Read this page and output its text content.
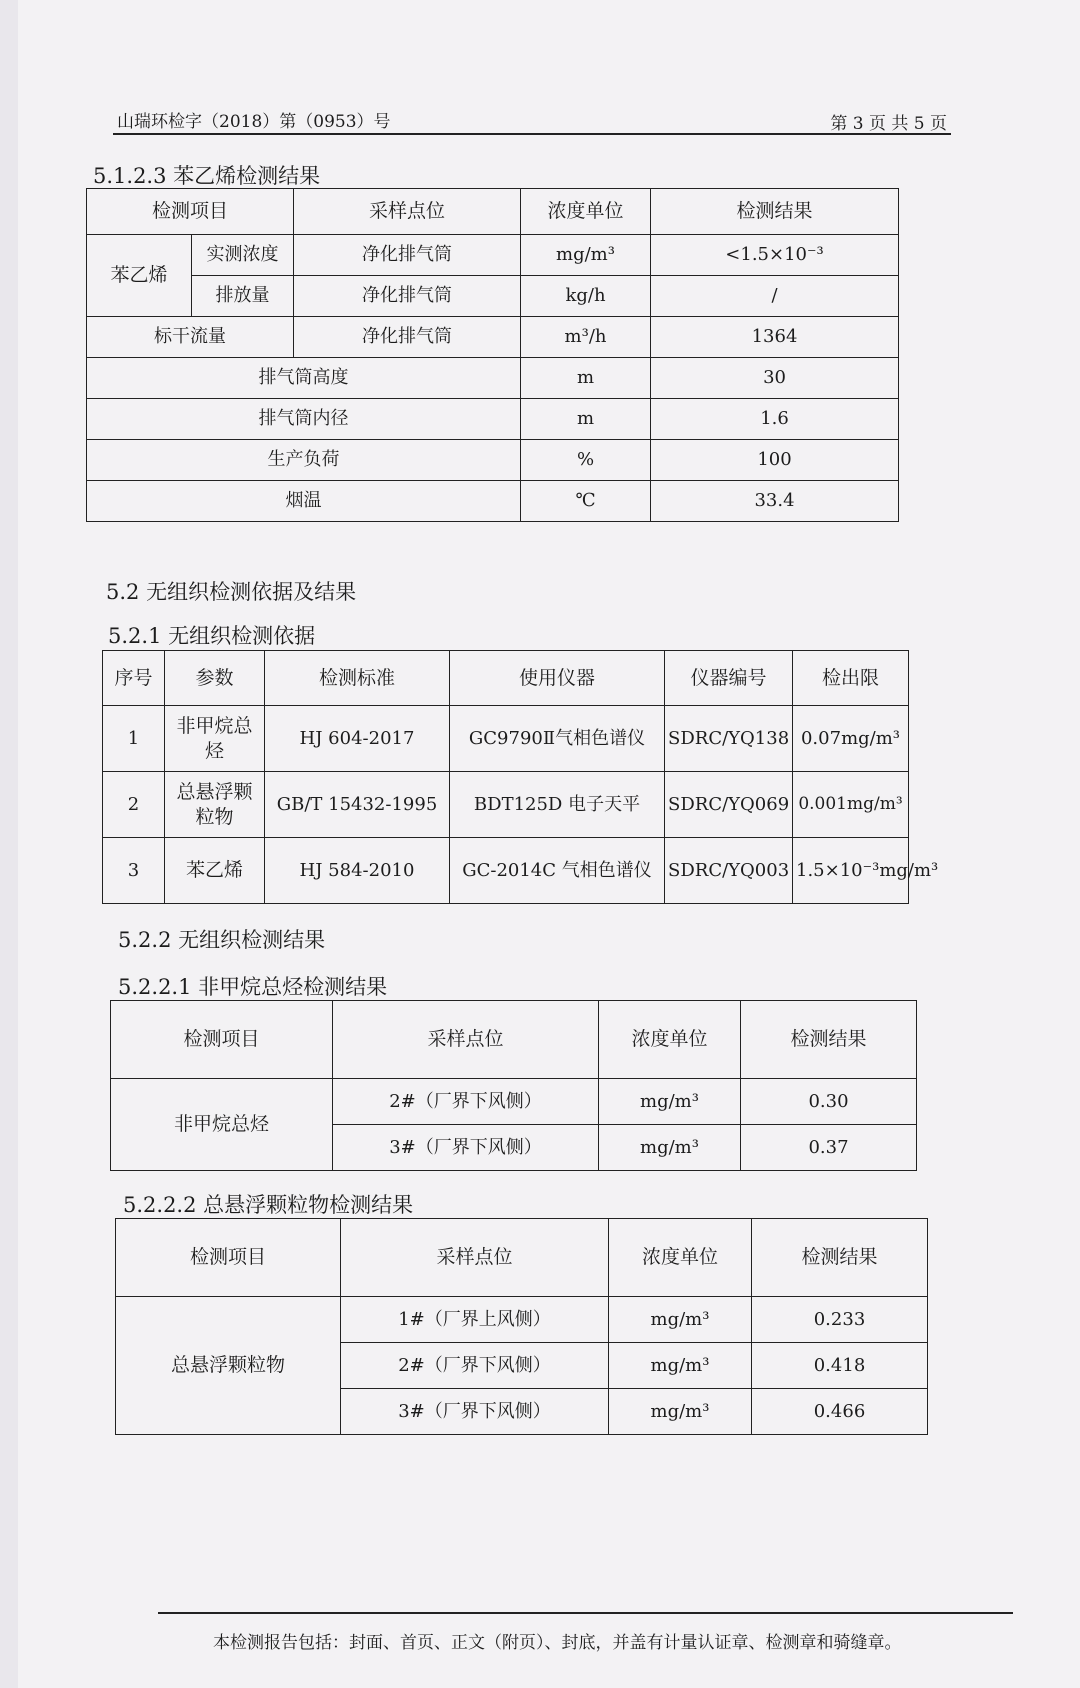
山瑞环检字（2018）第（0953）号	第 3 页 共 5 页
5.1.2.3 苯乙烯检测结果
检测项目		采样点位	浓度单位	检测结果
苯乙烯	实测浓度	净化排气筒	mg/m³	<1.5×10⁻³
	排放量	净化排气筒	kg/h	/
标干流量		净化排气筒	m³/h	1364
排气筒高度			m	30
排气筒内径			m	1.6
生产负荷			%	100
烟温			℃	33.4
5.2 无组织检测依据及结果
5.2.1 无组织检测依据
序号	参数	检测标准	使用仪器	仪器编号	检出限
1	非甲烷总烃	HJ 604-2017	GC9790Ⅱ气相色谱仪	SDRC/YQ138	0.07mg/m³
2	总悬浮颗粒物	GB/T 15432-1995	BDT125D 电子天平	SDRC/YQ069	0.001mg/m³
3	苯乙烯	HJ 584-2010	GC-2014C 气相色谱仪	SDRC/YQ003	1.5×10⁻³mg/m³
5.2.2 无组织检测结果
5.2.2.1 非甲烷总烃检测结果
检测项目	采样点位	浓度单位	检测结果
非甲烷总烃	2#（厂界下风侧）	mg/m³	0.30
	3#（厂界下风侧）	mg/m³	0.37
5.2.2.2 总悬浮颗粒物检测结果
检测项目	采样点位	浓度单位	检测结果
总悬浮颗粒物	1#（厂界上风侧）	mg/m³	0.233
	2#（厂界下风侧）	mg/m³	0.418
	3#（厂界下风侧）	mg/m³	0.466
本检测报告包括：封面、首页、正文（附页）、封底，并盖有计量认证章、检测章和骑缝章。
